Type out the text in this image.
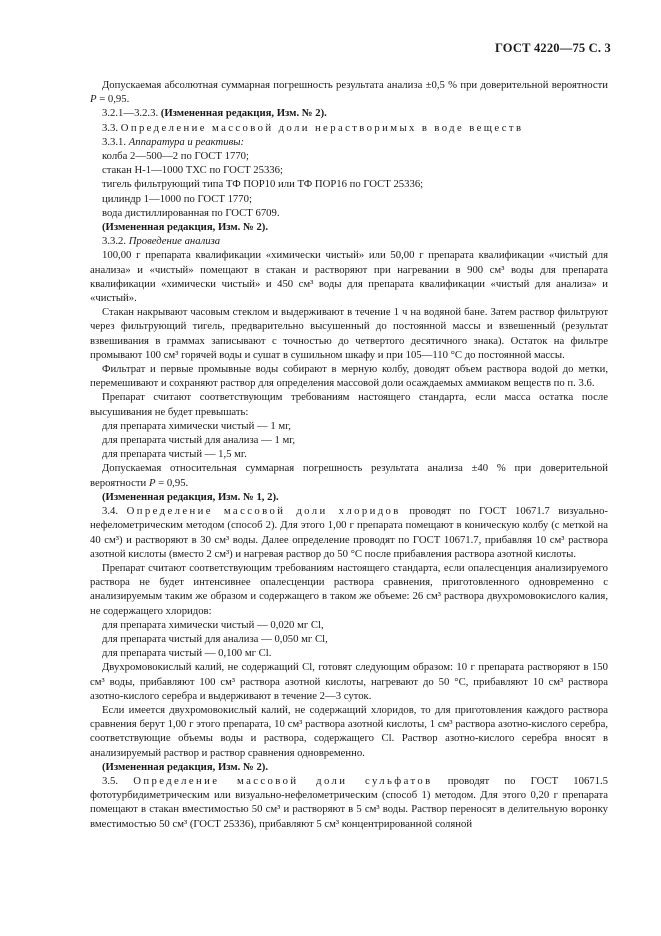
ГОСТ 4220—75 С. 3

Допускаемая абсолютная суммарная погрешность результата анализа ±0,5 % при доверительной вероятности Р = 0,95.

3.2.1—3.2.3. (Измененная редакция, Изм. № 2).

3.3. Определение массовой доли нерастворимых в воде веществ

3.3.1. Аппаратура и реактивы:

колба 2—500—2 по ГОСТ 1770;

стакан Н-1—1000 ТХС по ГОСТ 25336;

тигель фильтрующий типа ТФ ПОР10 или ТФ ПОР16 по ГОСТ 25336;

цилиндр 1—1000 по ГОСТ 1770;

вода дистиллированная по ГОСТ 6709.

(Измененная редакция, Изм. № 2).

3.3.2. Проведение анализа

100,00 г препарата квалификации «химически чистый» или 50,00 г препарата квалификации «чистый для анализа» и «чистый» помещают в стакан и растворяют при нагревании в 900 см³ воды для препарата квалификации «химически чистый» и 450 см³ воды для препарата квалификации «чистый для анализа» и «чистый».

Стакан накрывают часовым стеклом и выдерживают в течение 1 ч на водяной бане. Затем раствор фильтруют через фильтрующий тигель, предварительно высушенный до постоянной массы и взвешенный (результат взвешивания в граммах записывают с точностью до четвертого десятичного знака). Остаток на фильтре промывают 100 см³ горячей воды и сушат в сушильном шкафу и при 105—110 °С до постоянной массы.

Фильтрат и первые промывные воды собирают в мерную колбу, доводят объем раствора водой до метки, перемешивают и сохраняют раствор для определения массовой доли осаждаемых аммиаком веществ по п. 3.6.

Препарат считают соответствующим требованиям настоящего стандарта, если масса остатка после высушивания не будет превышать:

для препарата химически чистый — 1 мг,

для препарата чистый для анализа — 1 мг,

для препарата чистый — 1,5 мг.

Допускаемая относительная суммарная погрешность результата анализа ±40 % при доверительной вероятности Р = 0,95.

(Измененная редакция, Изм. № 1, 2).

3.4. Определение массовой доли хлоридов проводят по ГОСТ 10671.7 визуально-нефелометрическим методом (способ 2). Для этого 1,00 г препарата помещают в коническую колбу (с меткой на 40 см³) и растворяют в 30 см³ воды. Далее определение проводят по ГОСТ 10671.7, прибавляя 10 см³ раствора азотной кислоты (вместо 2 см³) и нагревая раствор до 50 °С после прибавления раствора азотной кислоты.

Препарат считают соответствующим требованиям настоящего стандарта, если опалесценция анализируемого раствора не будет интенсивнее опалесценции раствора сравнения, приготовленного одновременно с анализируемым таким же образом и содержащего в таком же объеме: 26 см³ раствора двухромовокислого калия, не содержащего хлоридов:

для препарата химически чистый — 0,020 мг Cl,

для препарата чистый для анализа — 0,050 мг Cl,

для препарата чистый — 0,100 мг Cl.

Двухромовокислый калий, не содержащий Cl, готовят следующим образом: 10 г препарата растворяют в 150 см³ воды, прибавляют 100 см³ раствора азотной кислоты, нагревают до 50 °С, прибавляют 10 см³ раствора азотно-кислого серебра и выдерживают в течение 2—3 суток.

Если имеется двухромовокислый калий, не содержащий хлоридов, то для приготовления каждого раствора сравнения берут 1,00 г этого препарата, 10 см³ раствора азотной кислоты, 1 см³ раствора азотно-кислого серебра, соответствующие объемы воды и раствора, содержащего Cl. Раствор азотно-кислого серебра вносят в анализируемый раствор и раствор сравнения одновременно.

(Измененная редакция, Изм. № 2).

3.5. Определение массовой доли сульфатов проводят по ГОСТ 10671.5 фототурбидиметрическим или визуально-нефелометрическим (способ 1) методом. Для этого 0,20 г препарата помещают в стакан вместимостью 50 см³ и растворяют в 5 см³ воды. Раствор переносят в делительную воронку вместимостью 50 см³ (ГОСТ 25336), прибавляют 5 см³ концентрированной соляной
